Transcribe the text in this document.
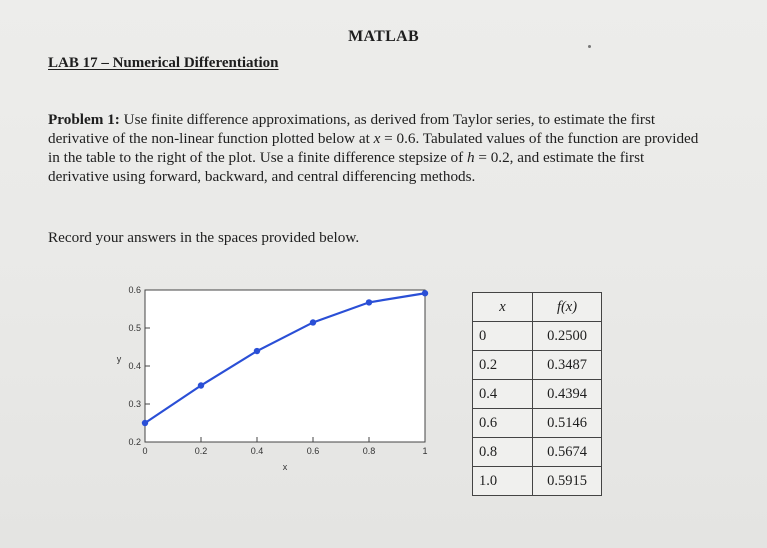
MATLAB
LAB 17 – Numerical Differentiation
Problem 1: Use finite difference approximations, as derived from Taylor series, to estimate the first derivative of the non-linear function plotted below at x = 0.6. Tabulated values of the function are provided in the table to the right of the plot. Use a finite difference stepsize of h = 0.2, and estimate the first derivative using forward, backward, and central differencing methods.
Record your answers in the spaces provided below.
0.2
0.3
0.4
0.5
0.6
0	0.2	0.4	0.6	0.8	1
x
y
x	f(x)
0	0.2500
0.2	0.3487
0.4	0.4394
0.6	0.5146
0.8	0.5674
1.0	0.5915
